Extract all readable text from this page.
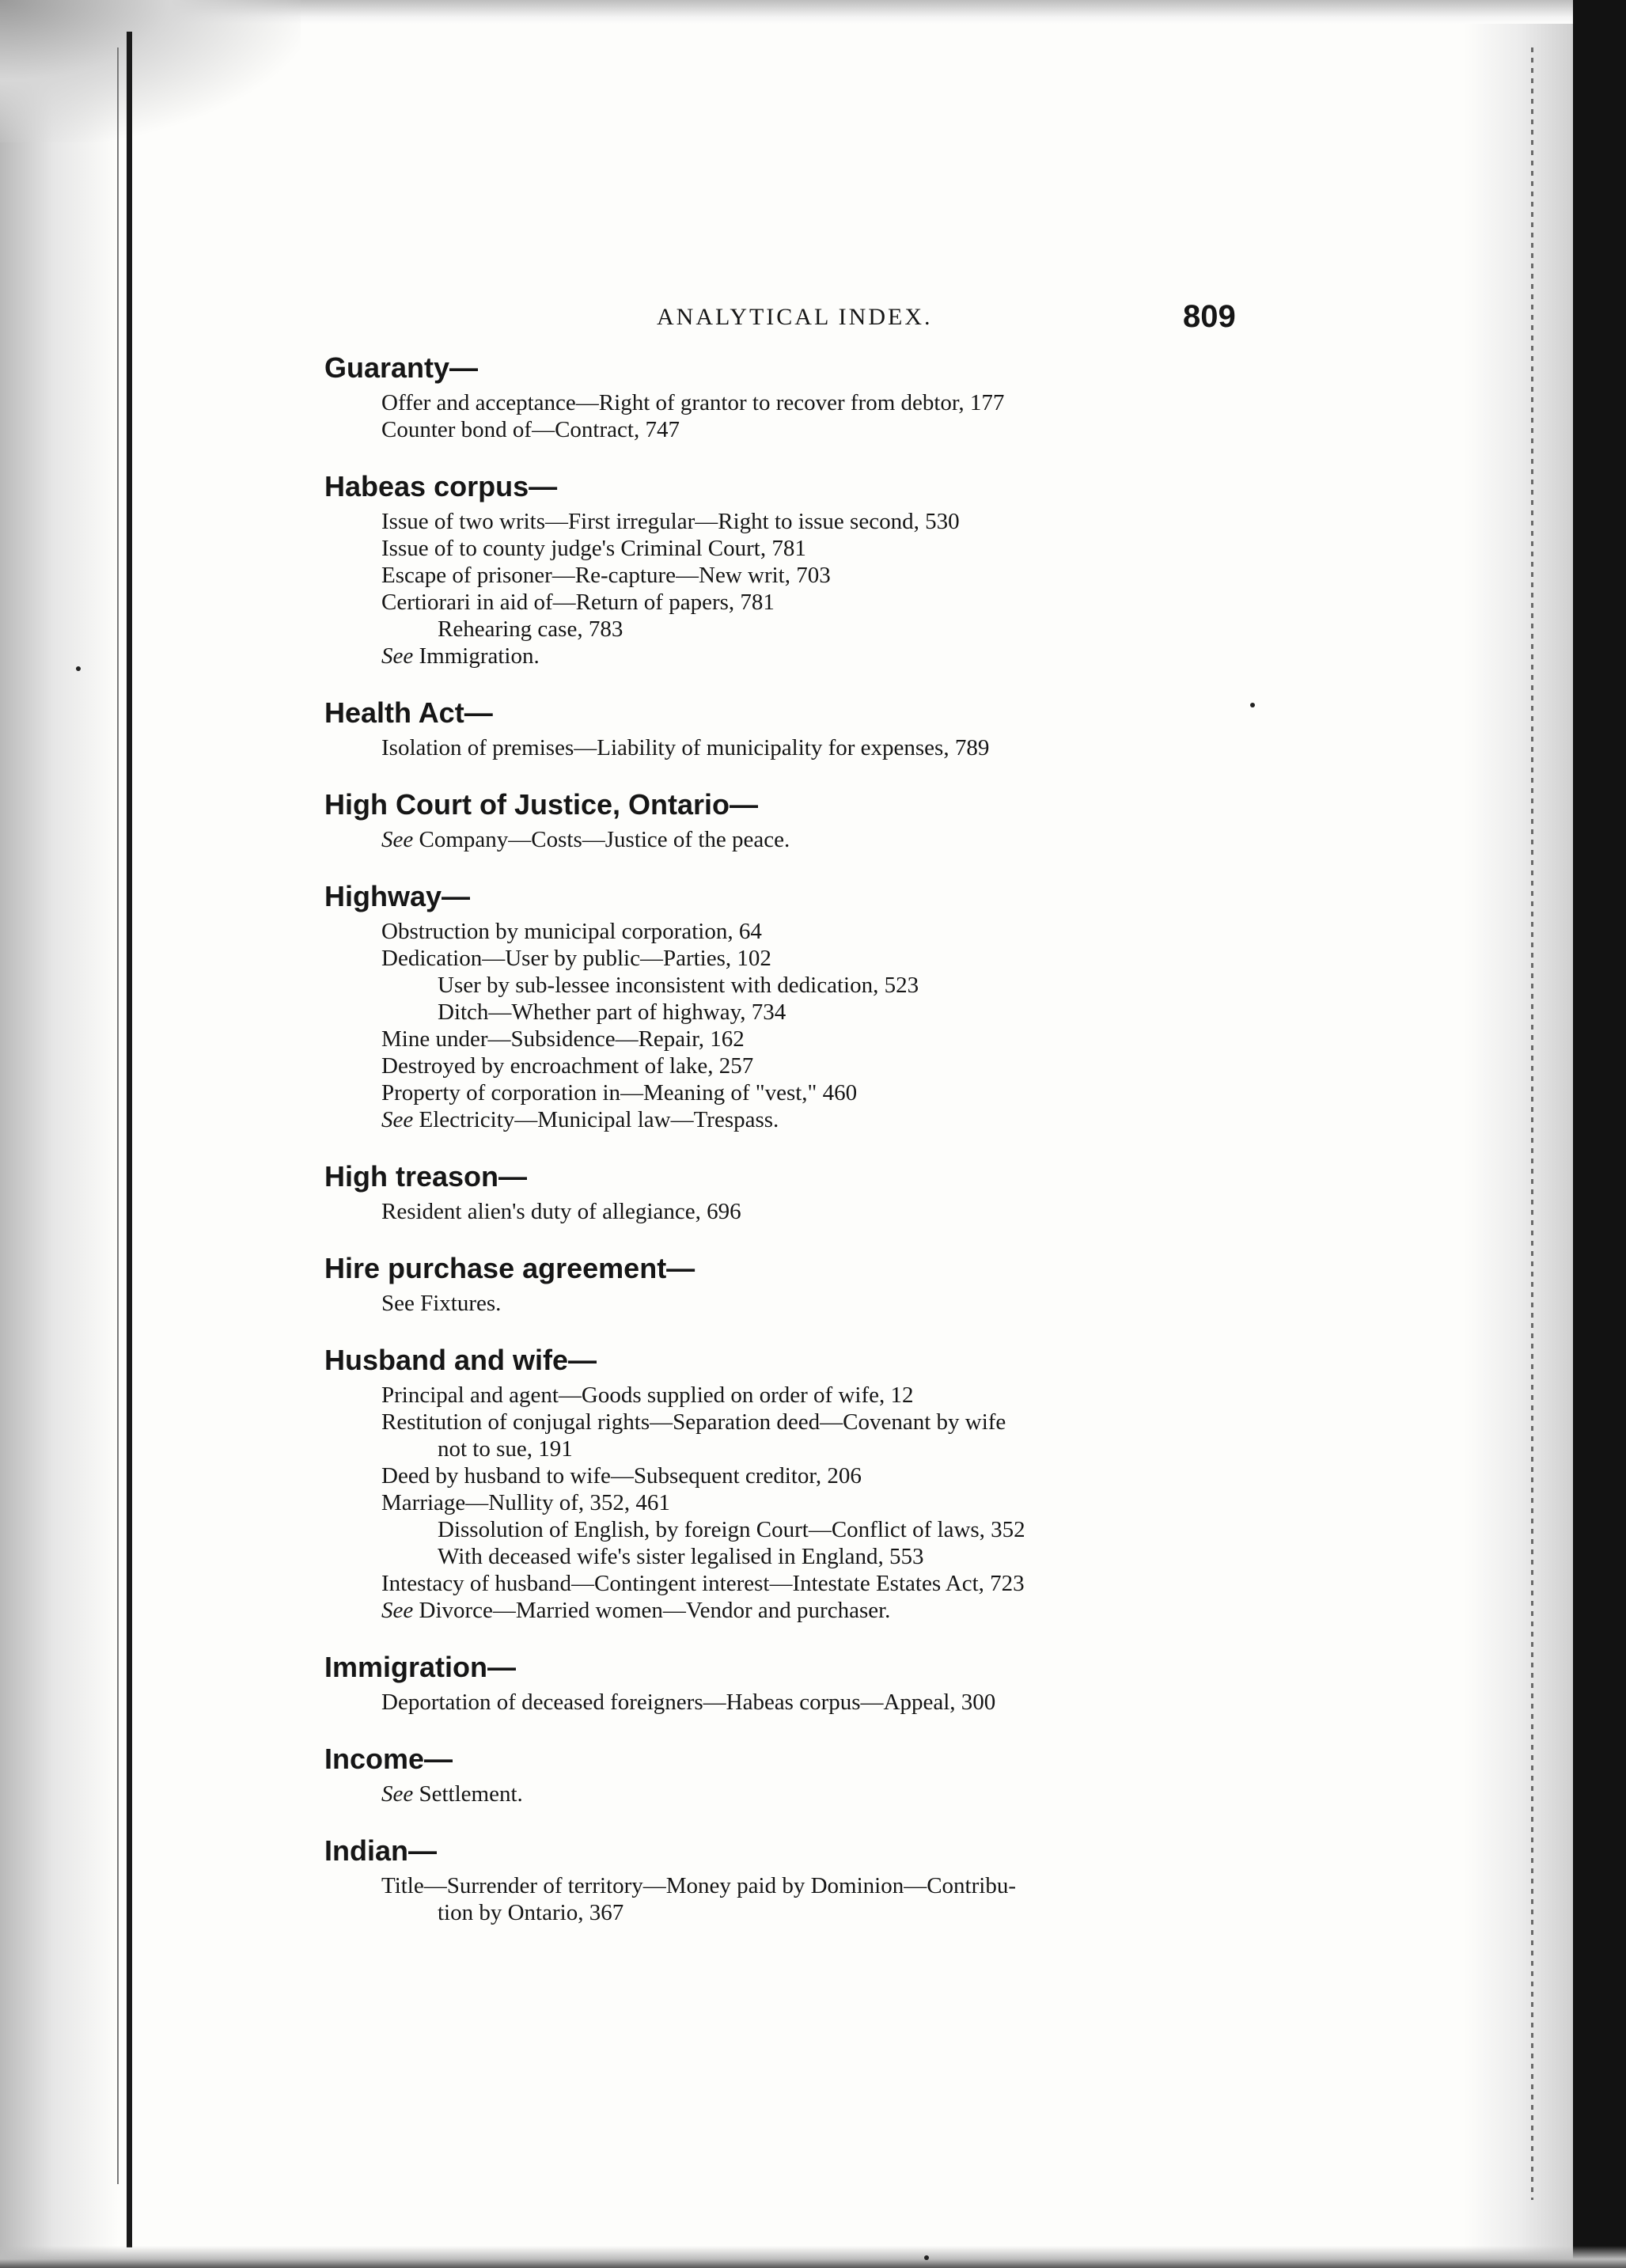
ANALYTICAL INDEX.	809
Guaranty—
Offer and acceptance—Right of grantor to recover from debtor, 177
Counter bond of—Contract, 747
Habeas corpus—
Issue of two writs—First irregular—Right to issue second, 530
Issue of to county judge's Criminal Court, 781
Escape of prisoner—Re-capture—New writ, 703
Certiorari in aid of—Return of papers, 781
Rehearing case, 783
See Immigration.
Health Act—
Isolation of premises—Liability of municipality for expenses, 789
High Court of Justice, Ontario—
See Company—Costs—Justice of the peace.
Highway—
Obstruction by municipal corporation, 64
Dedication—User by public—Parties, 102
User by sub-lessee inconsistent with dedication, 523
Ditch—Whether part of highway, 734
Mine under—Subsidence—Repair, 162
Destroyed by encroachment of lake, 257
Property of corporation in—Meaning of "vest," 460
See Electricity—Municipal law—Trespass.
High treason—
Resident alien's duty of allegiance, 696
Hire purchase agreement—
See Fixtures.
Husband and wife—
Principal and agent—Goods supplied on order of wife, 12
Restitution of conjugal rights—Separation deed—Covenant by wife
not to sue, 191
Deed by husband to wife—Subsequent creditor, 206
Marriage—Nullity of, 352, 461
Dissolution of English, by foreign Court—Conflict of laws, 352
With deceased wife's sister legalised in England, 553
Intestacy of husband—Contingent interest—Intestate Estates Act, 723
See Divorce—Married women—Vendor and purchaser.
Immigration—
Deportation of deceased foreigners—Habeas corpus—Appeal, 300
Income—
See Settlement.
Indian—
Title—Surrender of territory—Money paid by Dominion—Contribu-
tion by Ontario, 367
